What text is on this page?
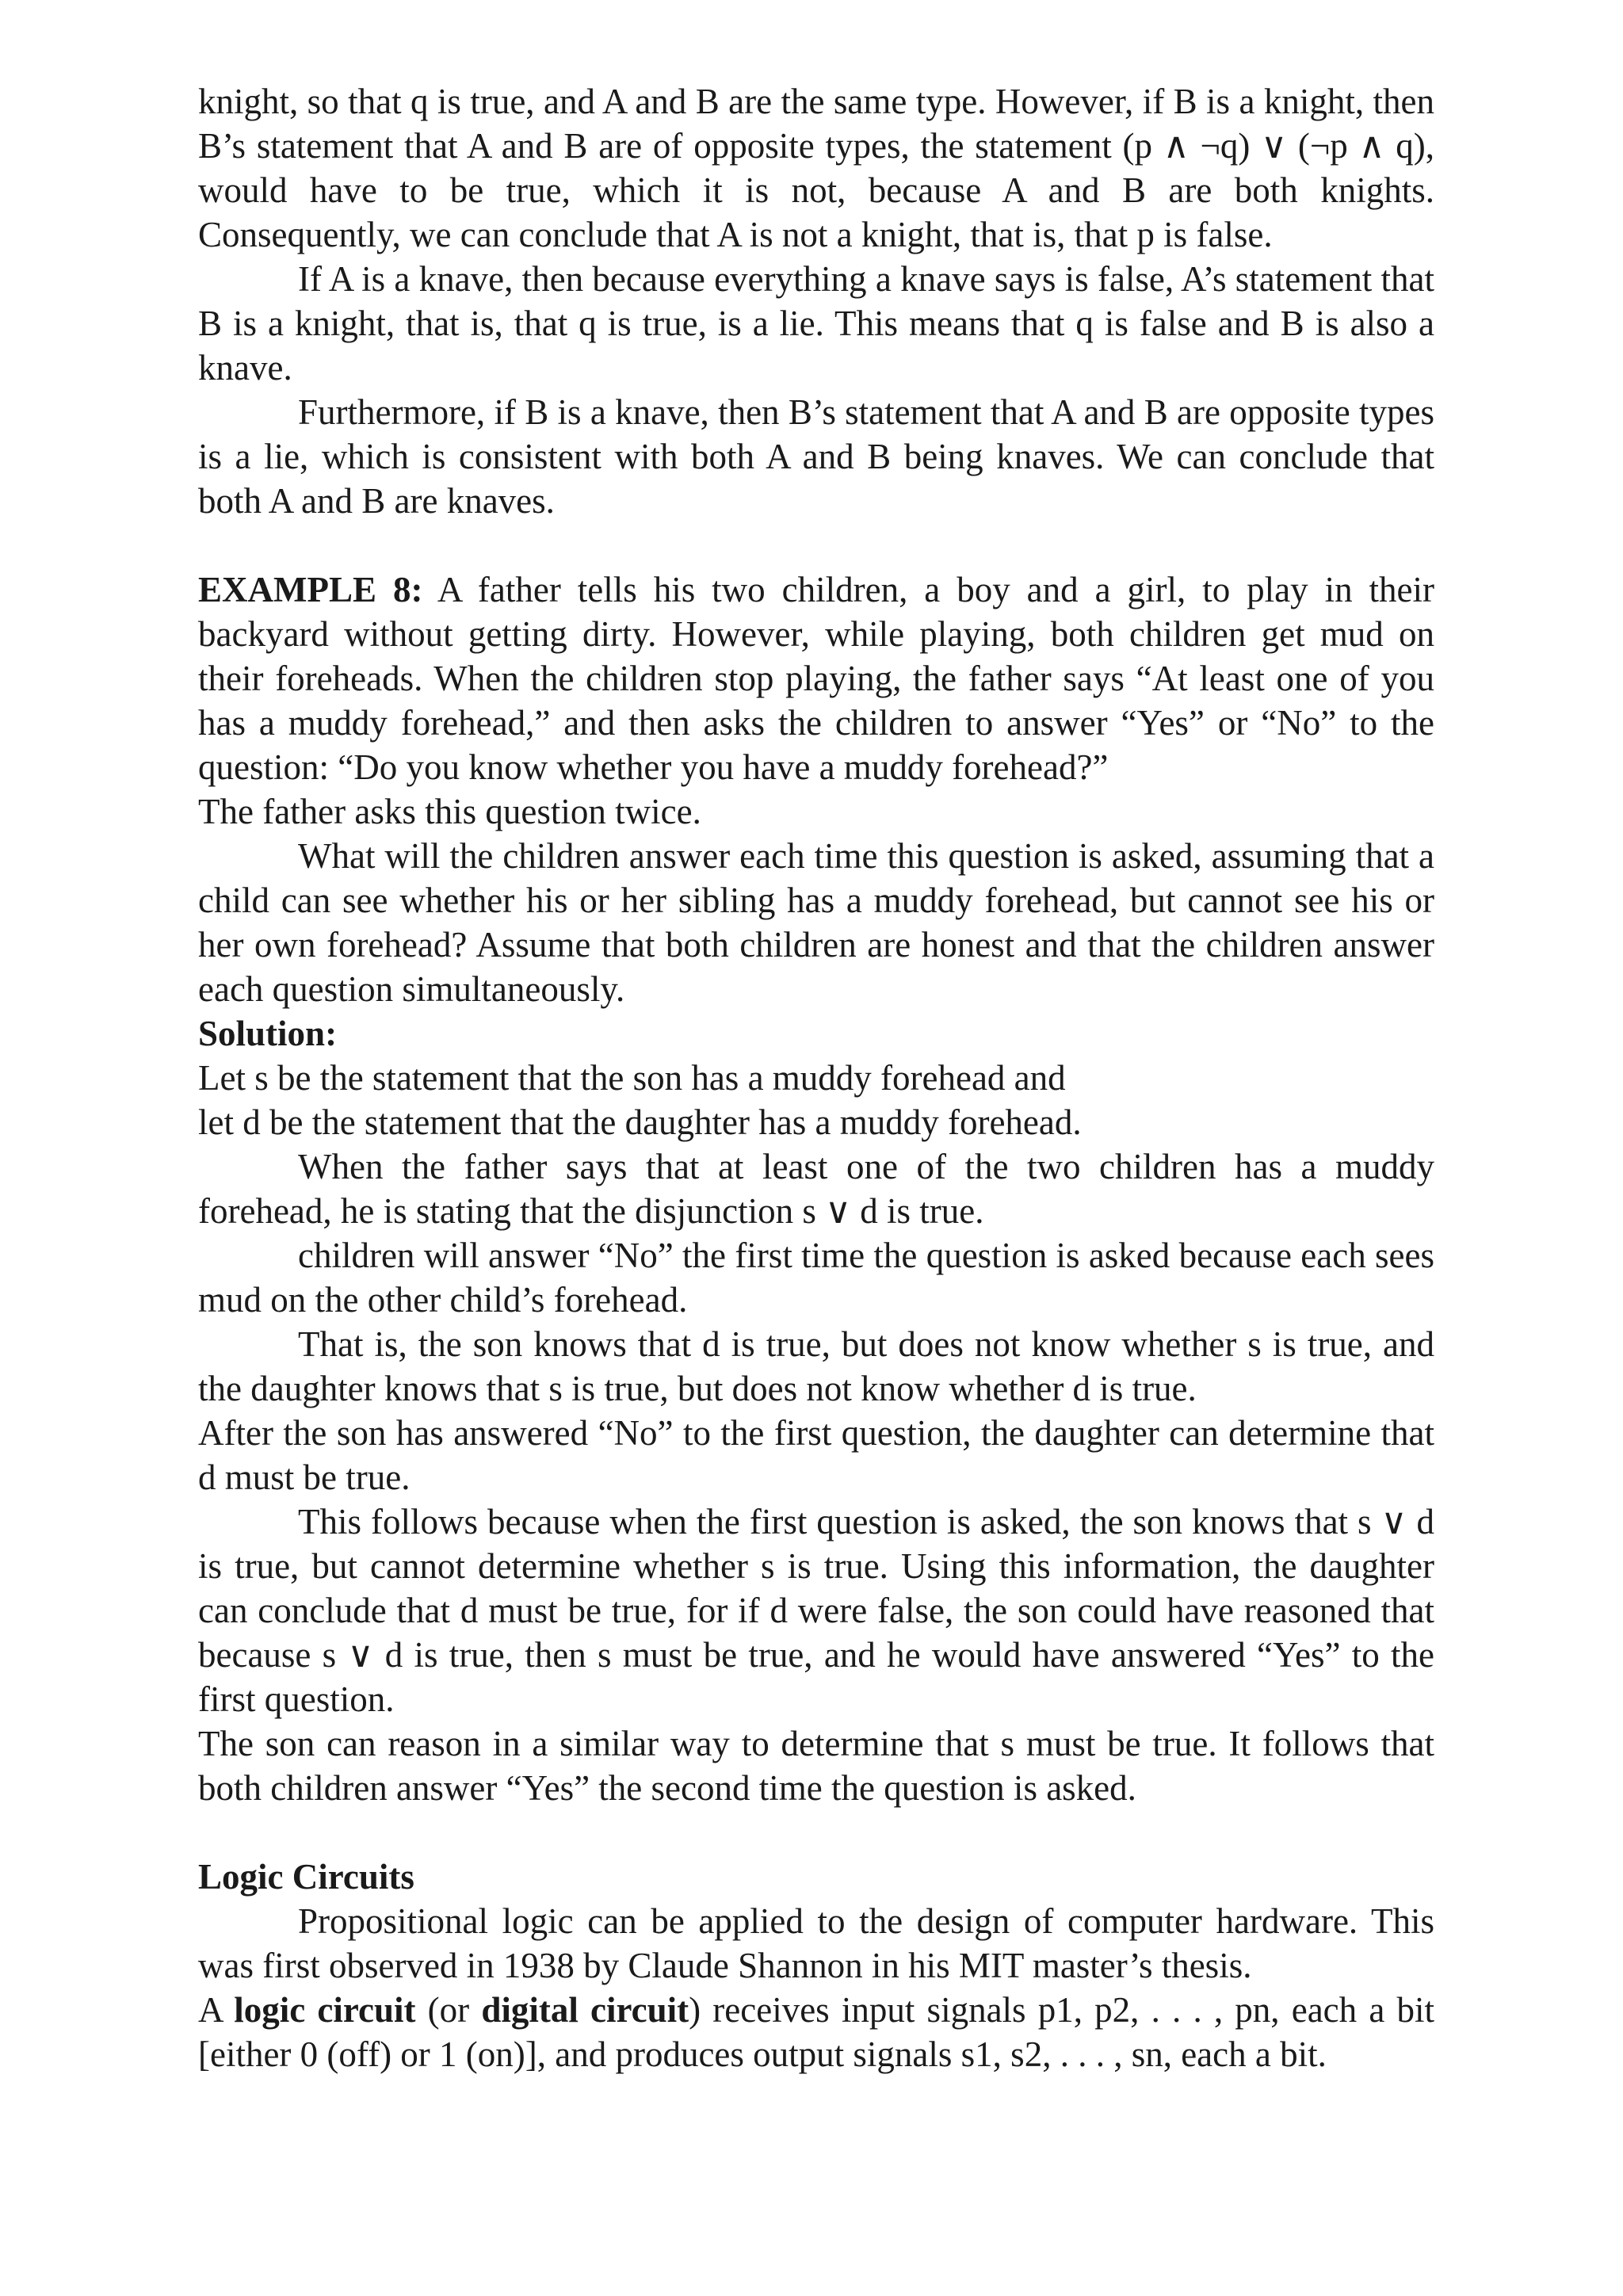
knight, so that q is true, and A and B are the same type. However, if B is a knight, then B’s statement that A and B are of opposite types, the statement (p ∧ ¬q) ∨ (¬p ∧ q), would have to be true, which it is not, because A and B are both knights. Consequently, we can conclude that A is not a knight, that is, that p is false.

If A is a knave, then because everything a knave says is false, A’s statement that B is a knight, that is, that q is true, is a lie. This means that q is false and B is also a knave.

Furthermore, if B is a knave, then B’s statement that A and B are opposite types is a lie, which is consistent with both A and B being knaves. We can conclude that both A and B are knaves.

EXAMPLE 8: A father tells his two children, a boy and a girl, to play in their backyard without getting dirty. However, while playing, both children get mud on their foreheads. When the children stop playing, the father says “At least one of you has a muddy forehead,” and then asks the children to answer “Yes” or “No” to the question: “Do you know whether you have a muddy forehead?”

The father asks this question twice.

What will the children answer each time this question is asked, assuming that a child can see whether his or her sibling has a muddy forehead, but cannot see his or her own forehead? Assume that both children are honest and that the children answer each question simultaneously.

Solution:

Let s be the statement that the son has a muddy forehead and

let d be the statement that the daughter has a muddy forehead.

When the father says that at least one of the two children has a muddy forehead, he is stating that the disjunction s ∨ d is true.

children will answer “No” the first time the question is asked because each sees mud on the other child’s forehead.

That is, the son knows that d is true, but does not know whether s is true, and the daughter knows that s is true, but does not know whether d is true.

After the son has answered “No” to the first question, the daughter can determine that d must be true.

This follows because when the first question is asked, the son knows that s ∨ d is true, but cannot determine whether s is true. Using this information, the daughter can conclude that d must be true, for if d were false, the son could have reasoned that because s ∨ d is true, then s must be true, and he would have answered “Yes” to the first question.

The son can reason in a similar way to determine that s must be true. It follows that both children answer “Yes” the second time the question is asked.

Logic Circuits

Propositional logic can be applied to the design of computer hardware. This was first observed in 1938 by Claude Shannon in his MIT master’s thesis.

A logic circuit (or digital circuit) receives input signals p1, p2, . . . , pn, each a bit [either 0 (off) or 1 (on)], and produces output signals s1, s2, . . . , sn, each a bit.
